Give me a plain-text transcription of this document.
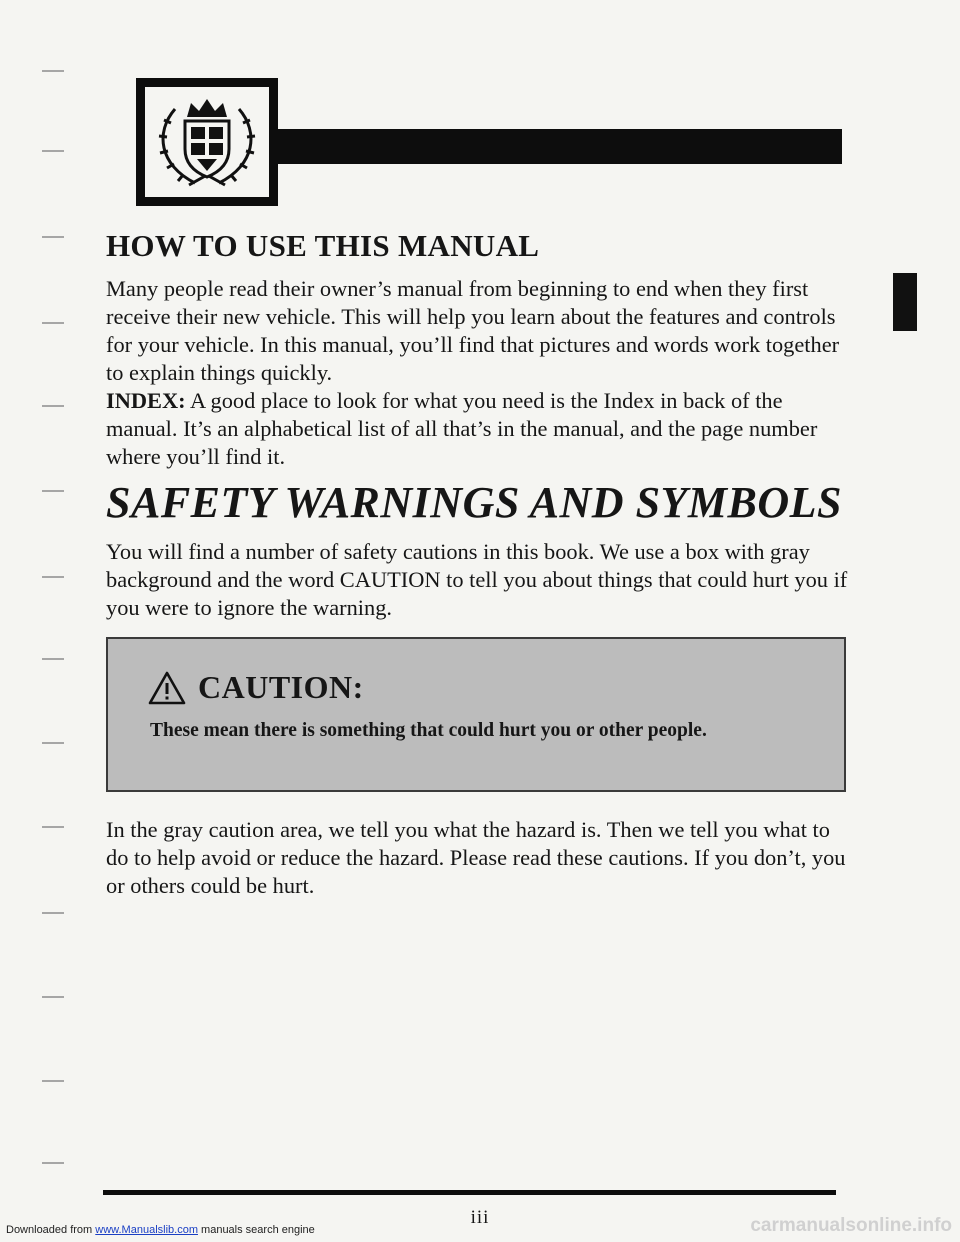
HOW TO USE THIS MANUAL

Many people read their owner’s manual from beginning to end when they first receive their new vehicle. This will help you learn about the features and controls for your vehicle. In this manual, you’ll find that pictures and words work together to explain things quickly.

INDEX: A good place to look for what you need is the Index in back of the manual. It’s an alphabetical list of all that’s in the manual, and the page number where you’ll find it.

SAFETY WARNINGS AND SYMBOLS

You will find a number of safety cautions in this book. We use a box with gray background and the word CAUTION to tell you about things that could hurt you if you were to ignore the warning.

CAUTION:

These mean there is something that could hurt you or other people.

In the gray caution area, we tell you what the hazard is. Then we tell you what to do to help avoid or reduce the hazard. Please read these cautions. If you don’t, you or others could be hurt.

iii
Downloaded from www.Manualslib.com manuals search engine	carmanualsonline.info
